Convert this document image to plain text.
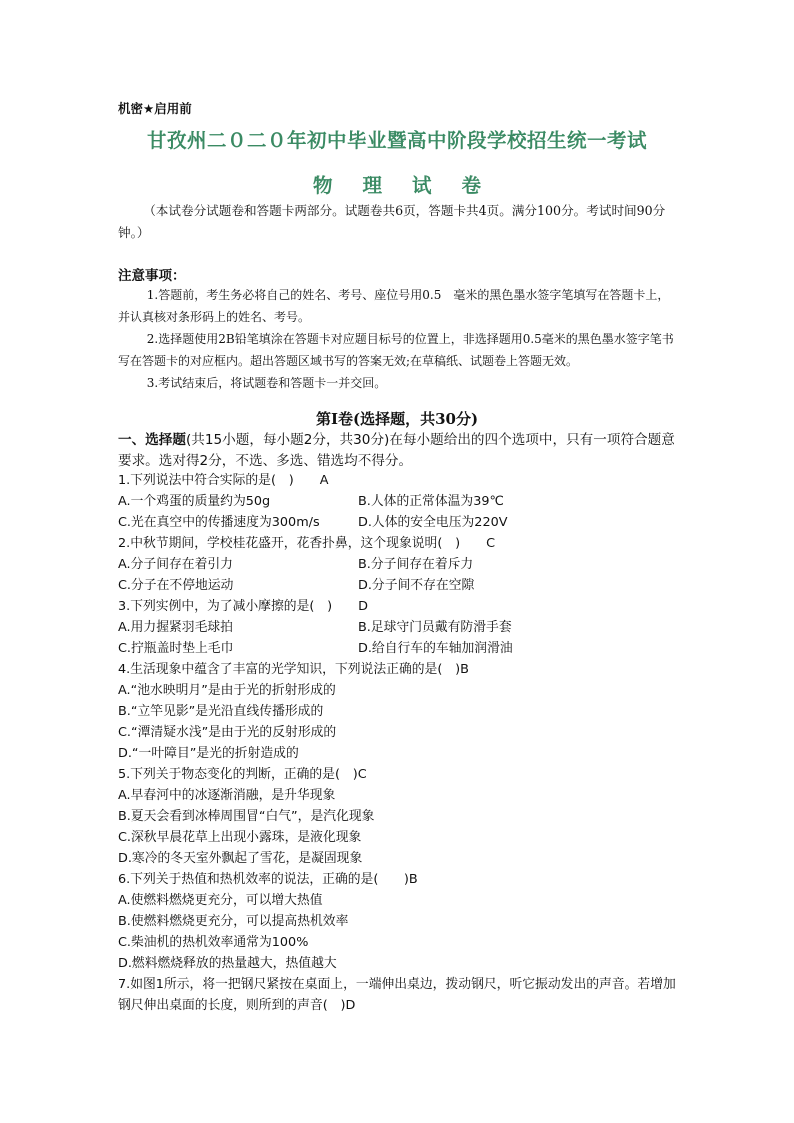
机密★启用前
甘孜州二０二０年初中毕业暨高中阶段学校招生统一考试
物 理 试 卷
（本试卷分试题卷和答题卡两部分。试题卷共6页，答题卡共4页。满分100分。考试时间90分钟。）
注意事项：

1.答题前，考生务必将自己的姓名、考号、座位号用0.5　毫米的黑色墨水签字笔填写在答题卡上，并认真核对条形码上的姓名、考号。

2.选择题使用2B铅笔填涂在答题卡对应题目标号的位置上，非选择题用0.5毫米的黑色墨水签字笔书写在答题卡的对应框内。超出答题区域书写的答案无效;在草稿纸、试题卷上答题无效。

3.考试结束后，将试题卷和答题卡一并交回。

第Ⅰ卷(选择题，共30分)
一、选择题(共15小题，每小题2分，共30分)在每小题给出的四个选项中，只有一项符合题意要求。选对得2分，不选、多选、错选均不得分。
1.下列说法中符合实际的是(　) A
A.一个鸡蛋的质量约为50g	B.人体的正常体温为39℃
C.光在真空中的传播速度为300m/s	D.人体的安全电压为220V
2.中秋节期间，学校桂花盛开，花香扑鼻，这个现象说明(　) C
A.分子间存在着引力	B.分子间存在着斥力
C.分子在不停地运动	D.分子间不存在空隙
3.下列实例中，为了减小摩擦的是(　) D
A.用力握紧羽毛球拍	B.足球守门员戴有防滑手套
C.拧瓶盖时垫上毛巾	D.给自行车的车轴加润滑油
4.生活现象中蕴含了丰富的光学知识，下列说法正确的是(　)B
A.“池水映明月”是由于光的折射形成的
B.“立竿见影”是光沿直线传播形成的
C.“潭清疑水浅”是由于光的反射形成的
D.“一叶障目”是光的折射造成的
5.下列关于物态变化的判断，正确的是(　)C
A.早春河中的冰逐渐消融，是升华现象
B.夏天会看到冰棒周围冒“白气”，是汽化现象
C.深秋早晨花草上出现小露珠，是液化现象
D.寒冷的冬天室外飘起了雪花，是凝固现象
6.下列关于热值和热机效率的说法，正确的是(　　)B
A.使燃料燃烧更充分，可以增大热值
B.使燃料燃烧更充分，可以提高热机效率
C.柴油机的热机效率通常为100%
D.燃料燃烧释放的热量越大，热值越大
7.如图1所示，将一把钢尺紧按在桌面上，一端伸出桌边，拨动钢尺，听它振动发出的声音。若增加钢尺伸出桌面的长度，则所到的声音(　)D
